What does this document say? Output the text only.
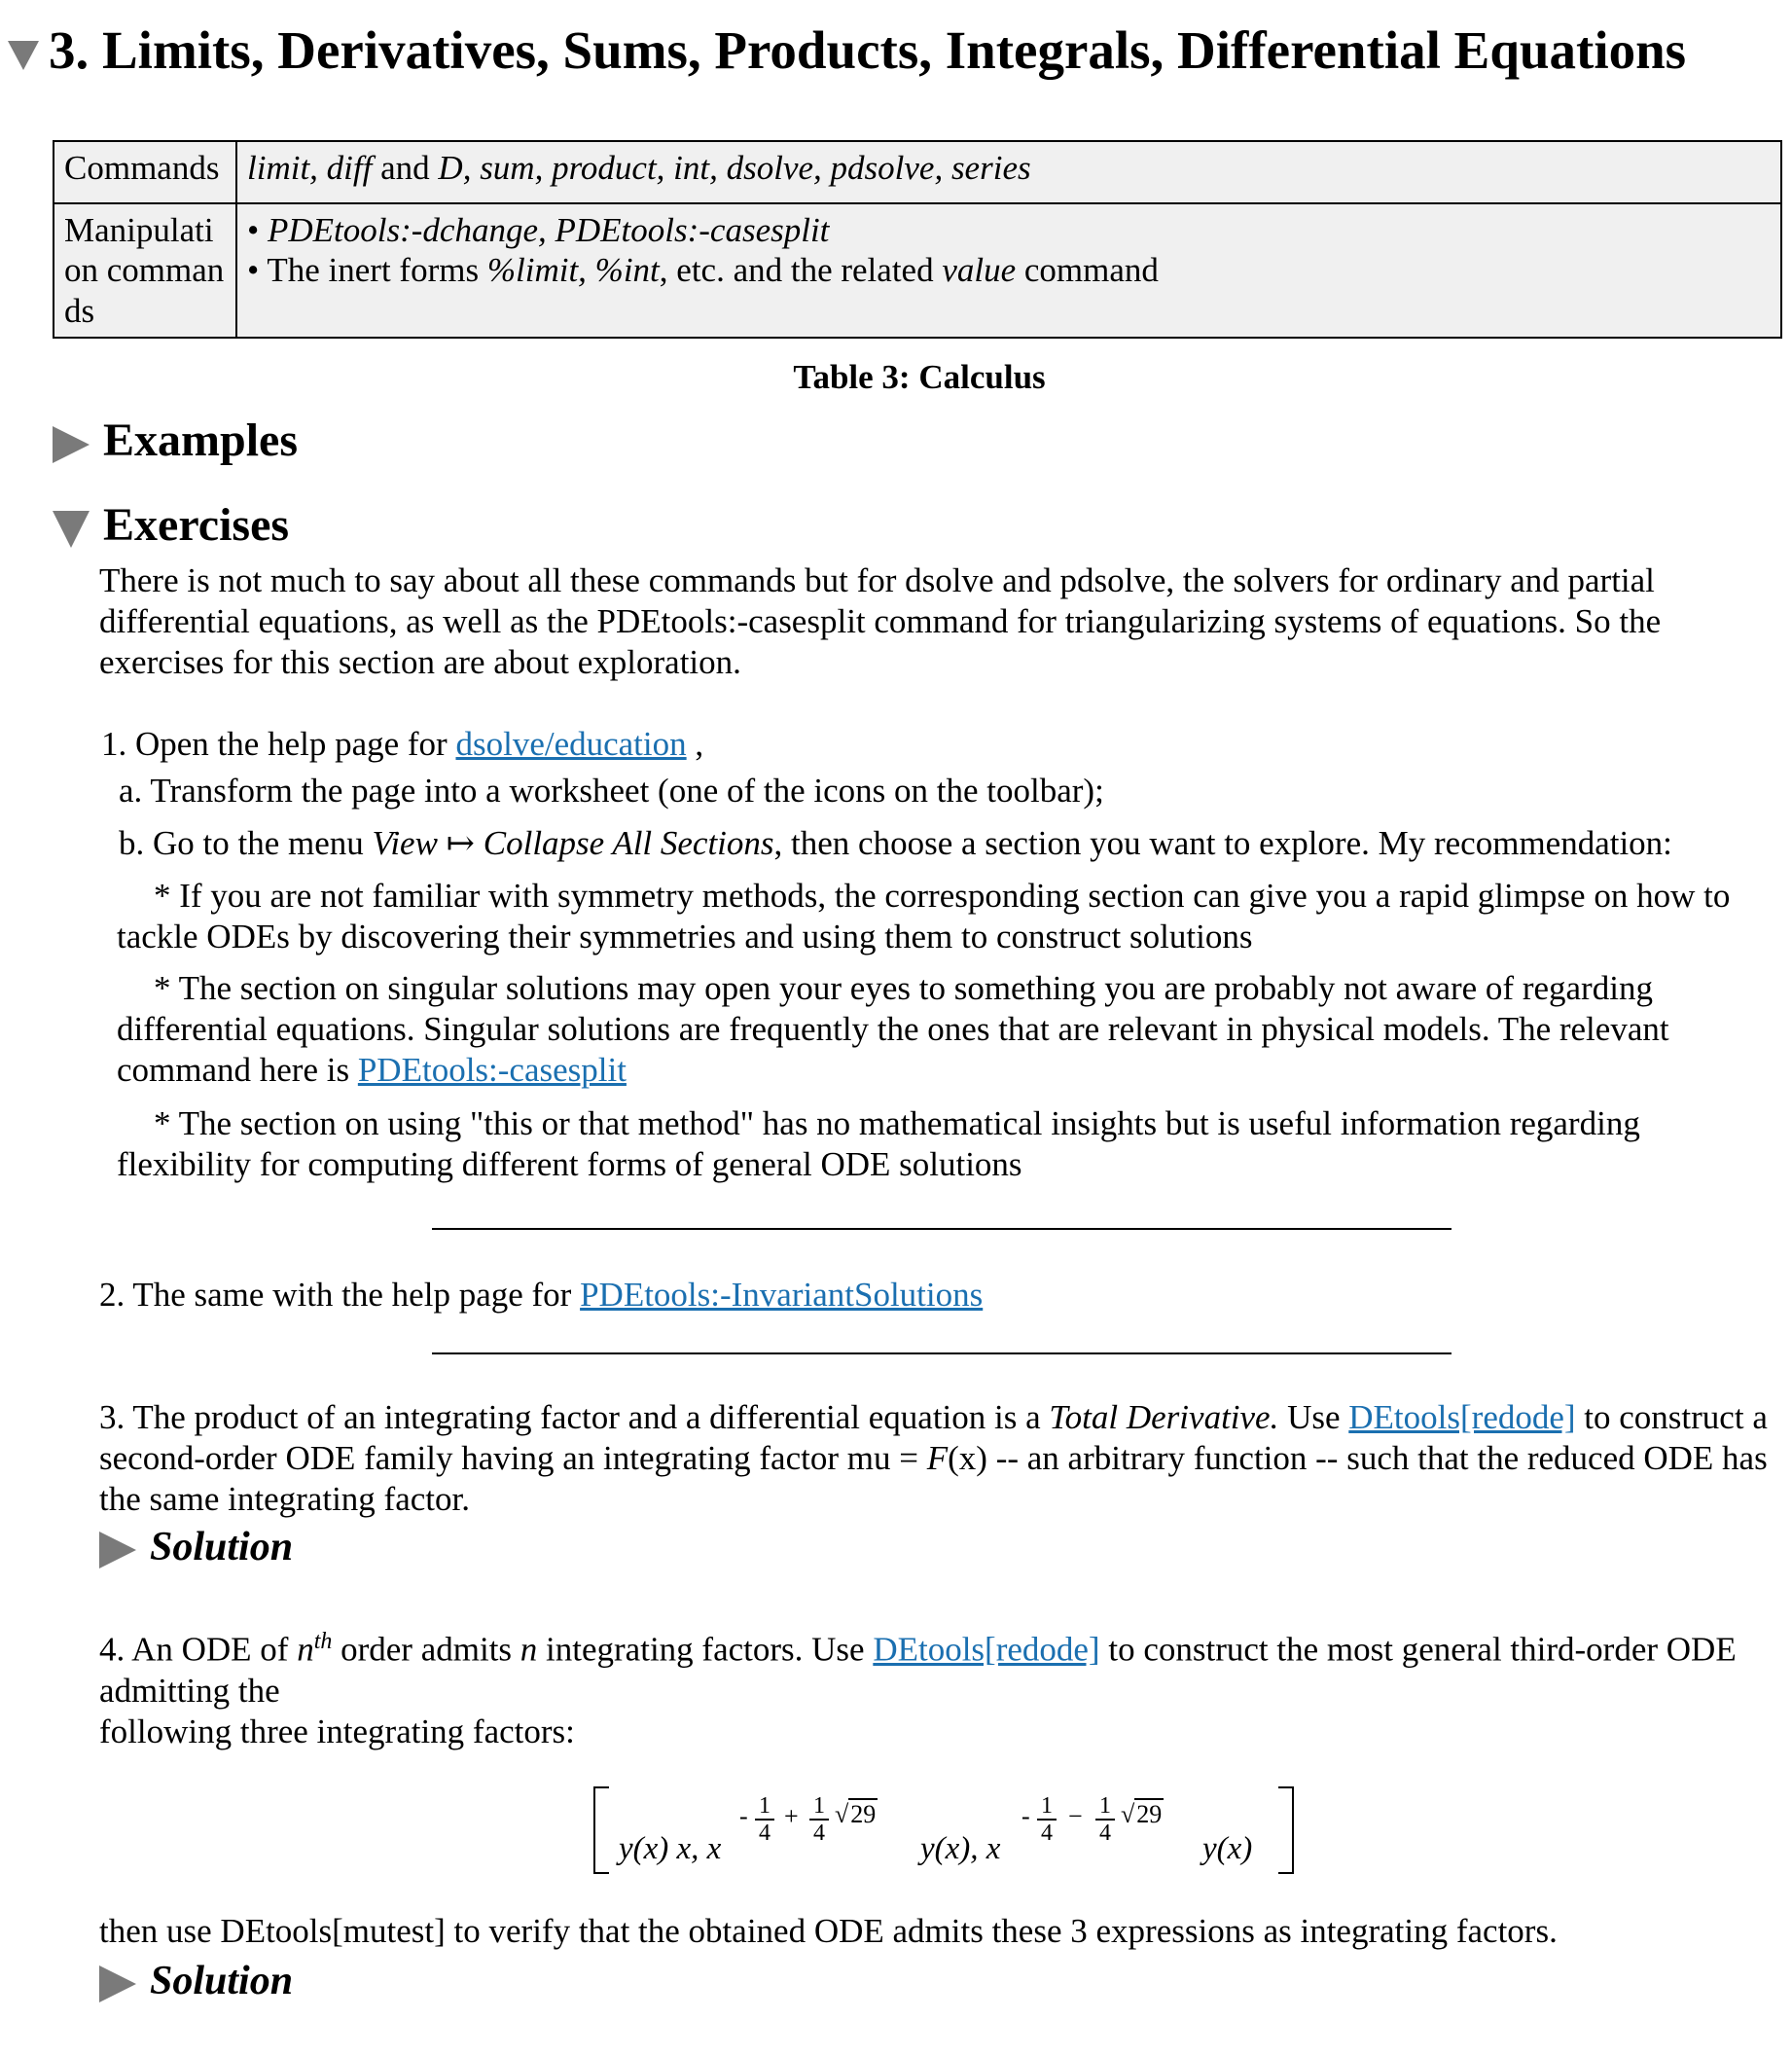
3. Limits, Derivatives, Sums, Products, Integrals, Differential Equations
Commands	limit, diff and D, sum, product, int, dsolve, pdsolve, series
Manipulation commands	• PDEtools:-dchange, PDEtools:-casesplit
• The inert forms %limit, %int, etc. and the related value command
Table 3: Calculus
Examples
Exercises
There is not much to say about all these commands but for dsolve and pdsolve, the solvers for ordinary and partial differential equations, as well as the PDEtools:-casesplit command for triangularizing systems of equations. So the exercises for this section are about exploration.
1. Open the help page for dsolve/education ,
a. Transform the page into a worksheet (one of the icons on the toolbar);
b. Go to the menu View ↦ Collapse All Sections, then choose a section you want to explore. My recommendation:
* If you are not familiar with symmetry methods, the corresponding section can give you a rapid glimpse on how to tackle ODEs by discovering their symmetries and using them to construct solutions
* The section on singular solutions may open your eyes to something you are probably not aware of regarding differential equations. Singular solutions are frequently the ones that are relevant in physical models. The relevant command here is PDEtools:-casesplit
* The section on using "this or that method" has no mathematical insights but is useful information regarding flexibility for computing different forms of general ODE solutions
2. The same with the help page for PDEtools:-InvariantSolutions
3. The product of an integrating factor and a differential equation is a Total Derivative. Use DEtools[redode] to construct a second-order ODE family having an integrating factor mu = F(x) -- an arbitrary function -- such that the reduced ODE has the same integrating factor.
Solution
4. An ODE of $n^{th}$ order admits n integrating factors. Use DEtools[redode] to construct the most general third-order ODE admitting the
following three integrating factors:
y(x) x, x
- 1
4
+ 1
4
√29
y(x), x
- 1
4
− 1
4
√29
y(x)
then use DEtools[mutest] to verify that the obtained ODE admits these 3 expressions as integrating factors.
Solution
